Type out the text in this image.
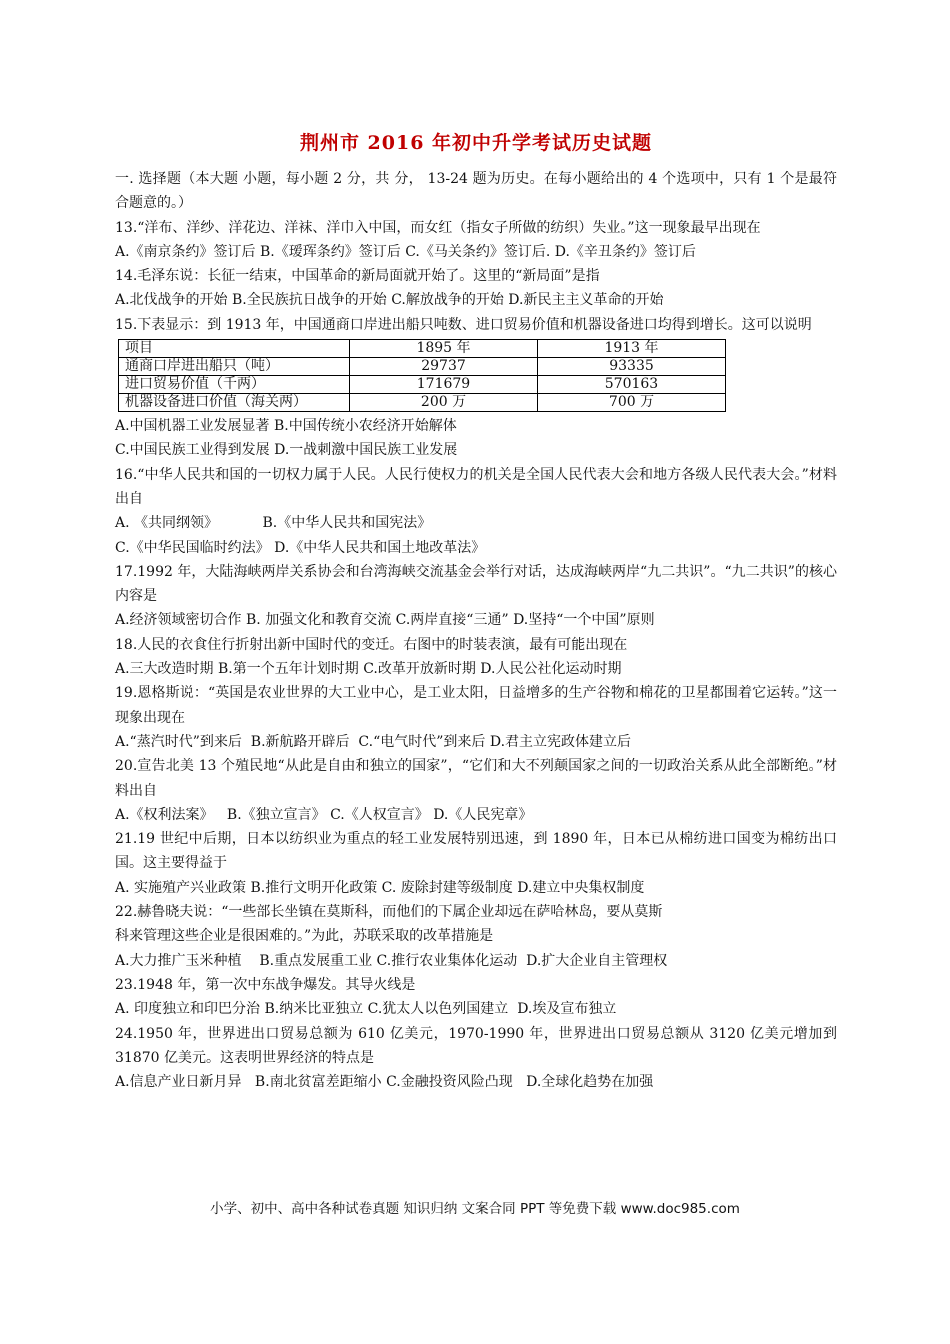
荆州市 2016 年初中升学考试历史试题
一. 选择题（本大题 小题，每小题 2 分，共 分， 13-24 题为历史。在每小题给出的 4 个选项中，只有 1 个是最符合题意的。）
13.“洋布、洋纱、洋花边、洋袜、洋巾入中国，而女红（指女子所做的纺织）失业。”这一现象最早出现在
A.《南京条约》签订后 B.《瑷珲条约》签订后 C.《马关条约》签订后. D.《辛丑条约》签订后
14.毛泽东说：长征一结束，中国革命的新局面就开始了。这里的“新局面”是指
A.北伐战争的开始 B.全民族抗日战争的开始 C.解放战争的开始 D.新民主主义革命的开始
15.下表显示：到 1913 年，中国通商口岸进出船只吨数、进口贸易价值和机器设备进口均得到增长。这可以说明
项目	1895 年	1913 年
通商口岸进出船只（吨）	29737	93335
进口贸易价值（千两）	171679	570163
机器设备进口价值（海关两）	200 万	700 万
A.中国机器工业发展显著 B.中国传统小农经济开始解体
C.中国民族工业得到发展 D.一战刺激中国民族工业发展
16.“中华人民共和国的一切权力属于人民。人民行使权力的机关是全国人民代表大会和地方各级人民代表大会。”材料出自
A. 《共同纲领》          B.《中华人民共和国宪法》
C.《中华民国临时约法》 D.《中华人民共和国土地改革法》
17.1992 年，大陆海峡两岸关系协会和台湾海峡交流基金会举行对话，达成海峡两岸“九二共识”。“九二共识”的核心内容是
A.经济领域密切合作 B. 加强文化和教育交流 C.两岸直接“三通” D.坚持“一个中国”原则
18.人民的衣食住行折射出新中国时代的变迁。右图中的时装表演，最有可能出现在
A.三大改造时期 B.第一个五年计划时期 C.改革开放新时期 D.人民公社化运动时期
19.恩格斯说：“英国是农业世界的大工业中心，是工业太阳，日益增多的生产谷物和棉花的卫星都围着它运转。”这一现象出现在
A.“蒸汽时代”到来后  B.新航路开辟后  C.“电气时代”到来后 D.君主立宪政体建立后
20.宣告北美 13 个殖民地“从此是自由和独立的国家”，“它们和大不列颠国家之间的一切政治关系从此全部断绝。”材料出自
A.《权利法案》   B.《独立宣言》 C.《人权宣言》 D.《人民宪章》
21.19 世纪中后期，日本以纺织业为重点的轻工业发展特别迅速，到 1890 年，日本已从棉纺进口国变为棉纺出口国。这主要得益于
A. 实施殖产兴业政策 B.推行文明开化政策 C. 废除封建等级制度 D.建立中央集权制度
22.赫鲁晓夫说：“一些部长坐镇在莫斯科，而他们的下属企业却远在萨哈林岛，要从莫斯
科来管理这些企业是很困难的。”为此，苏联采取的改革措施是
A.大力推广玉米种植    B.重点发展重工业 C.推行农业集体化运动  D.扩大企业自主管理权
23.1948 年，第一次中东战争爆发。其导火线是
A. 印度独立和印巴分治 B.纳米比亚独立 C.犹太人以色列国建立  D.埃及宣布独立
24.1950 年，世界进出口贸易总额为 610 亿美元，1970-1990 年，世界进出口贸易总额从 3120 亿美元增加到 31870 亿美元。这表明世界经济的特点是
A.信息产业日新月异   B.南北贫富差距缩小 C.金融投资风险凸现   D.全球化趋势在加强
小学、初中、高中各种试卷真题 知识归纳 文案合同 PPT 等免费下载 www.doc985.com
